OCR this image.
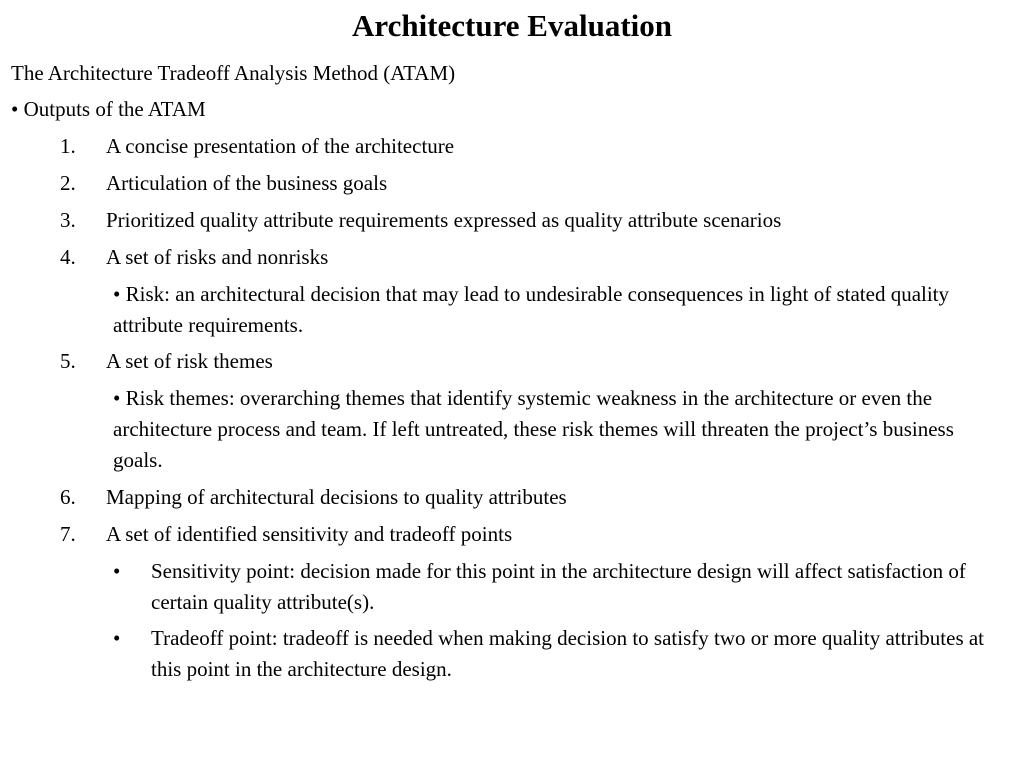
Architecture Evaluation
The Architecture Tradeoff Analysis Method (ATAM)
• Outputs of the ATAM
1. A concise presentation of the architecture
2. Articulation of the business goals
3. Prioritized quality attribute requirements expressed as quality attribute scenarios
4. A set of risks and nonrisks
• Risk: an architectural decision that may lead to undesirable consequences in light of stated quality attribute requirements.
5. A set of risk themes
• Risk themes: overarching themes that identify systemic weakness in the architecture or even the architecture process and team. If left untreated, these risk themes will threaten the project’s business goals.
6. Mapping of architectural decisions to quality attributes
7. A set of identified sensitivity and tradeoff points
• Sensitivity point: decision made for this point in the architecture design will affect satisfaction of certain quality attribute(s).
• Tradeoff point: tradeoff is needed when making decision to satisfy two or more quality attributes at this point in the architecture design.
